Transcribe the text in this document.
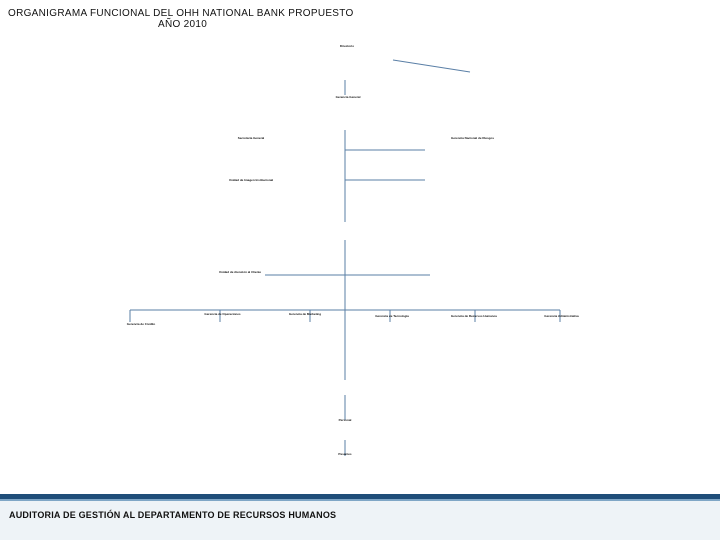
ORGANIGRAMA FUNCIONAL DEL OHH NATIONAL BANK PROPUESTO
AÑO 2010
Directorio
Gerencia General
Secretaria General	Gerencia Nacional de Riesgos
Unidad de Imagen Institucional
Unidad de Atención al Cliente
Gerencia de Crédito
Gerencia de Operaciones	Gerencia de Marketing	Gerencia de Tecnología	Gerencia de Recursos Humanos	Gerencia Administrativa
Personal
Pasantes
AUDITORIA DE GESTIÓN AL DEPARTAMENTO DE RECURSOS HUMANOS
